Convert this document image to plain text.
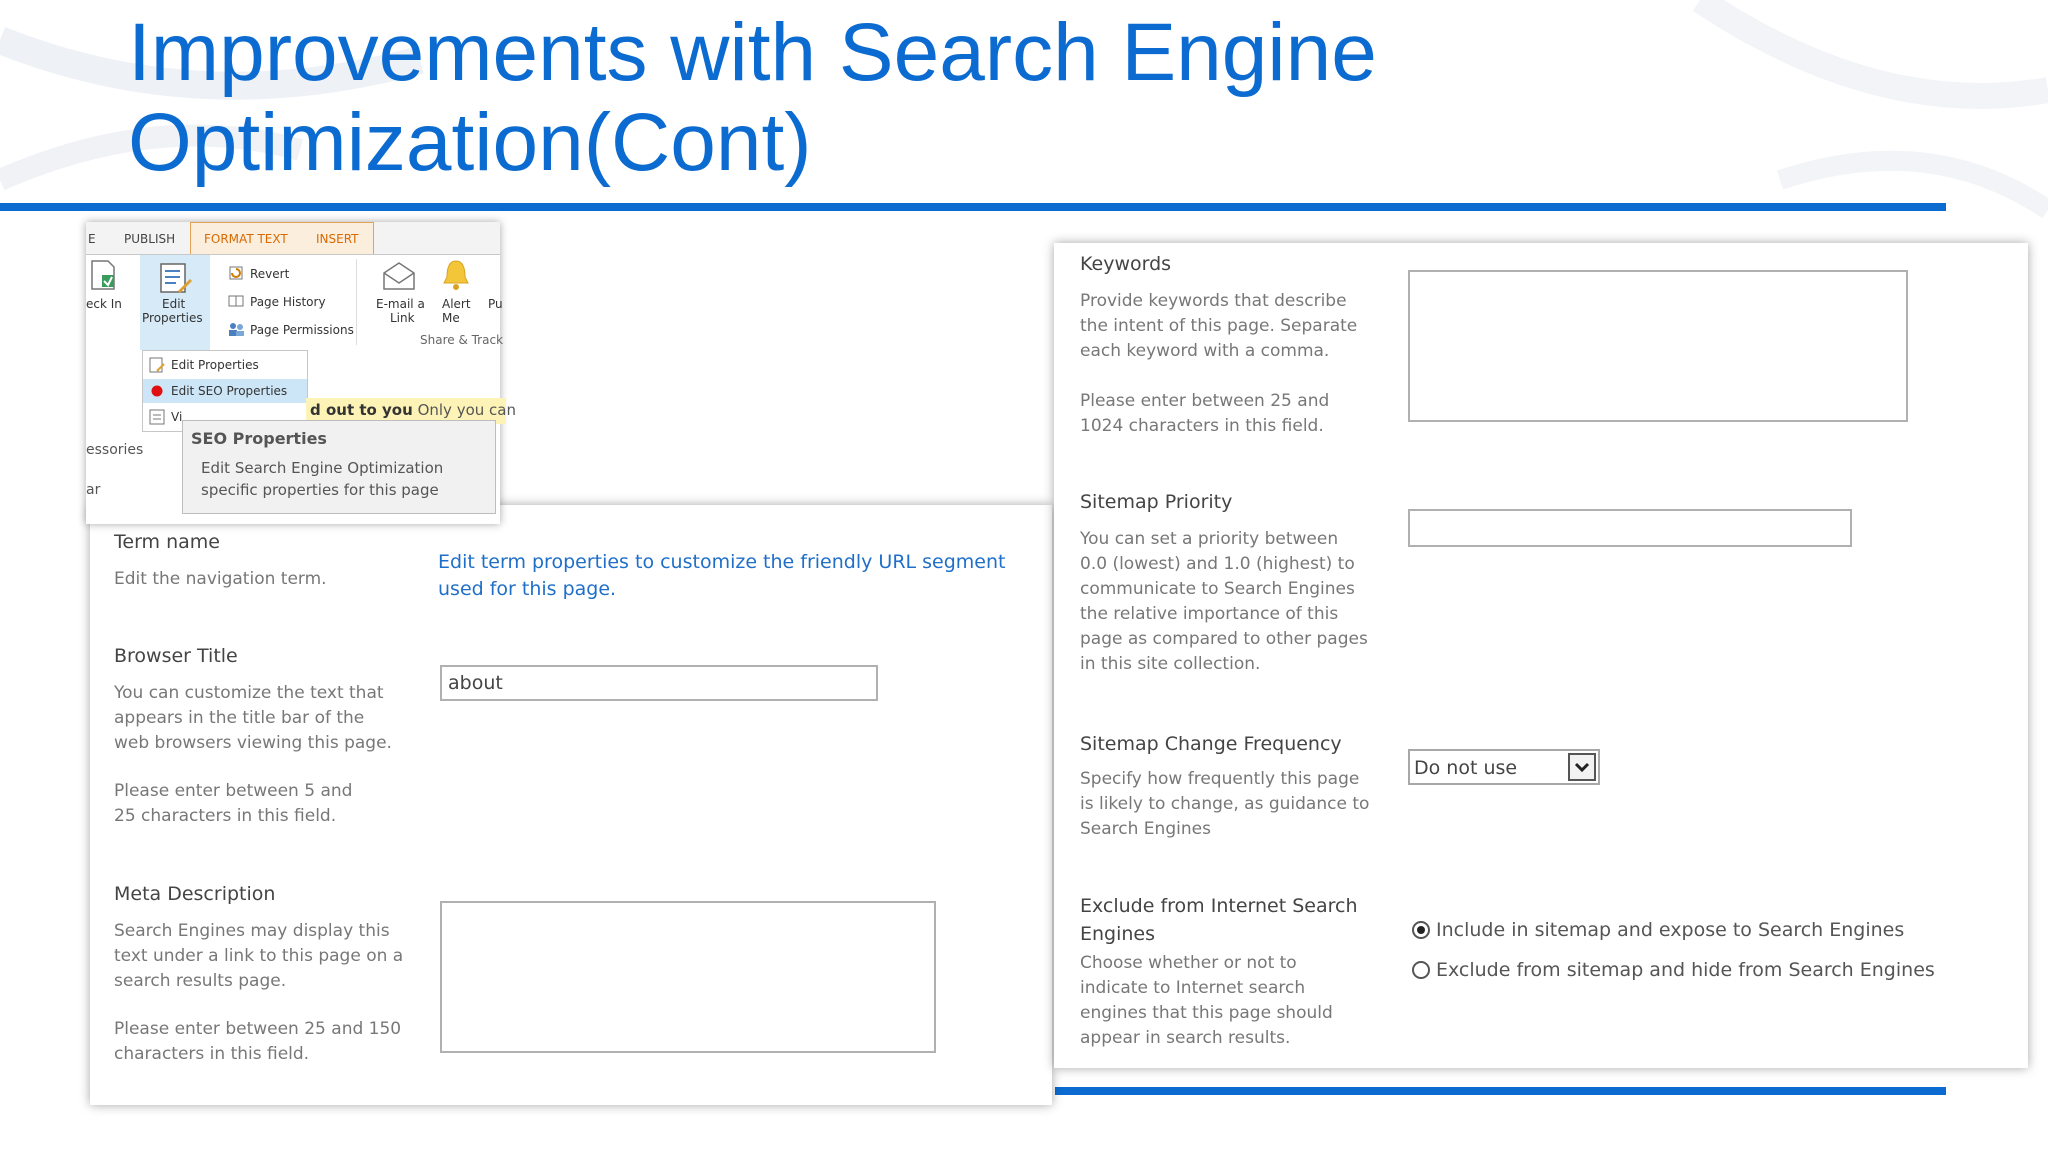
Improvements with Search Engine
Optimization(Cont)
Term name
Edit the navigation term.
Edit term properties to customize the friendly URL segment used for this page.
Browser Title
You can customize the text that appears in the title bar of the web browsers viewing this page.
Please enter between 5 and 25 characters in this field.
about
Meta Description
Search Engines may display this text under a link to this page on a search results page.
Please enter between 25 and 150 characters in this field.
Keywords
Provide keywords that describe the intent of this page. Separate each keyword with a comma.
Please enter between 25 and 1024 characters in this field.
Sitemap Priority
You can set a priority between 0.0 (lowest) and 1.0 (highest) to communicate to Search Engines the relative importance of this page as compared to other pages in this site collection.
Sitemap Change Frequency
Specify how frequently this page is likely to change, as guidance to Search Engines
Do not use
Exclude from Internet Search
Engines
Choose whether or not to indicate to Internet search engines that this page should appear in search results.
Include in sitemap and expose to Search Engines
Exclude from sitemap and hide from Search Engines
E PUBLISH FORMAT TEXT INSERT
eck In	Edit
Properties
Revert
Page History
Page Permissions
E-mail a
Link
Alert
Me
Pu
Share & Track
Edit Properties
Edit SEO Properties
Vi	d out to you Only you can
essories
ar
SEO Properties
Edit Search Engine Optimization specific properties for this page
